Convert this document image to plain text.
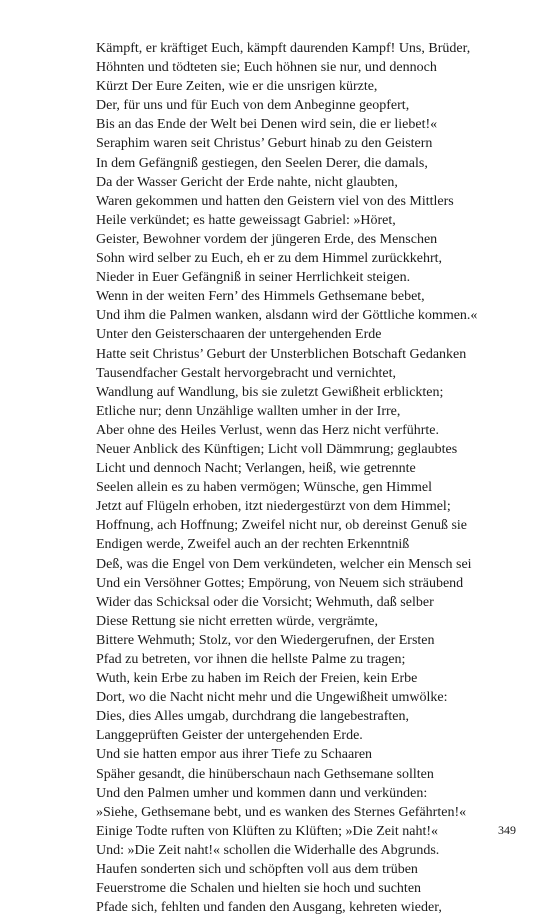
Kämpft, er kräftiget Euch, kämpft daurenden Kampf! Uns, Brüder,
Höhnten und tödteten sie; Euch höhnen sie nur, und dennoch
Kürzt Der Eure Zeiten, wie er die unsrigen kürzte,
Der, für uns und für Euch von dem Anbeginne geopfert,
Bis an das Ende der Welt bei Denen wird sein, die er liebet!«
Seraphim waren seit Christus’ Geburt hinab zu den Geistern
In dem Gefängniß gestiegen, den Seelen Derer, die damals,
Da der Wasser Gericht der Erde nahte, nicht glaubten,
Waren gekommen und hatten den Geistern viel von des Mittlers
Heile verkündet; es hatte geweissagt Gabriel: »Höret,
Geister, Bewohner vordem der jüngeren Erde, des Menschen
Sohn wird selber zu Euch, eh er zu dem Himmel zurückkehrt,
Nieder in Euer Gefängniß in seiner Herrlichkeit steigen.
Wenn in der weiten Fern’ des Himmels Gethsemane bebet,
Und ihm die Palmen wanken, alsdann wird der Göttliche kommen.«
Unter den Geisterschaaren der untergehenden Erde
Hatte seit Christus’ Geburt der Unsterblichen Botschaft Gedanken
Tausendfacher Gestalt hervorgebracht und vernichtet,
Wandlung auf Wandlung, bis sie zuletzt Gewißheit erblickten;
Etliche nur; denn Unzählige wallten umher in der Irre,
Aber ohne des Heiles Verlust, wenn das Herz nicht verführte.
Neuer Anblick des Künftigen; Licht voll Dämmrung; geglaubtes
Licht und dennoch Nacht; Verlangen, heiß, wie getrennte
Seelen allein es zu haben vermögen; Wünsche, gen Himmel
Jetzt auf Flügeln erhoben, itzt niedergestürzt von dem Himmel;
Hoffnung, ach Hoffnung; Zweifel nicht nur, ob dereinst Genuß sie
Endigen werde, Zweifel auch an der rechten Erkenntniß
Deß, was die Engel von Dem verkündeten, welcher ein Mensch sei
Und ein Versöhner Gottes; Empörung, von Neuem sich sträubend
Wider das Schicksal oder die Vorsicht; Wehmuth, daß selber
Diese Rettung sie nicht erretten würde, vergrämte,
Bittere Wehmuth; Stolz, vor den Wiedergerufnen, der Ersten
Pfad zu betreten, vor ihnen die hellste Palme zu tragen;
Wuth, kein Erbe zu haben im Reich der Freien, kein Erbe
Dort, wo die Nacht nicht mehr und die Ungewißheit umwölke:
Dies, dies Alles umgab, durchdrang die langebestraften,
Langgeprüften Geister der untergehenden Erde.
Und sie hatten empor aus ihrer Tiefe zu Schaaren
Späher gesandt, die hinüberschaun nach Gethsemane sollten
Und den Palmen umher und kommen dann und verkünden:
»Siehe, Gethsemane bebt, und es wanken des Sternes Gefährten!«
Einige Todte ruften von Klüften zu Klüften; »Die Zeit naht!«
Und: »Die Zeit naht!« schollen die Widerhalle des Abgrunds.
Haufen sonderten sich und schöpften voll aus dem trüben
Feuerstrome die Schalen und hielten sie hoch und suchten
Pfade sich, fehlten und fanden den Ausgang, kehreten wieder,
349
